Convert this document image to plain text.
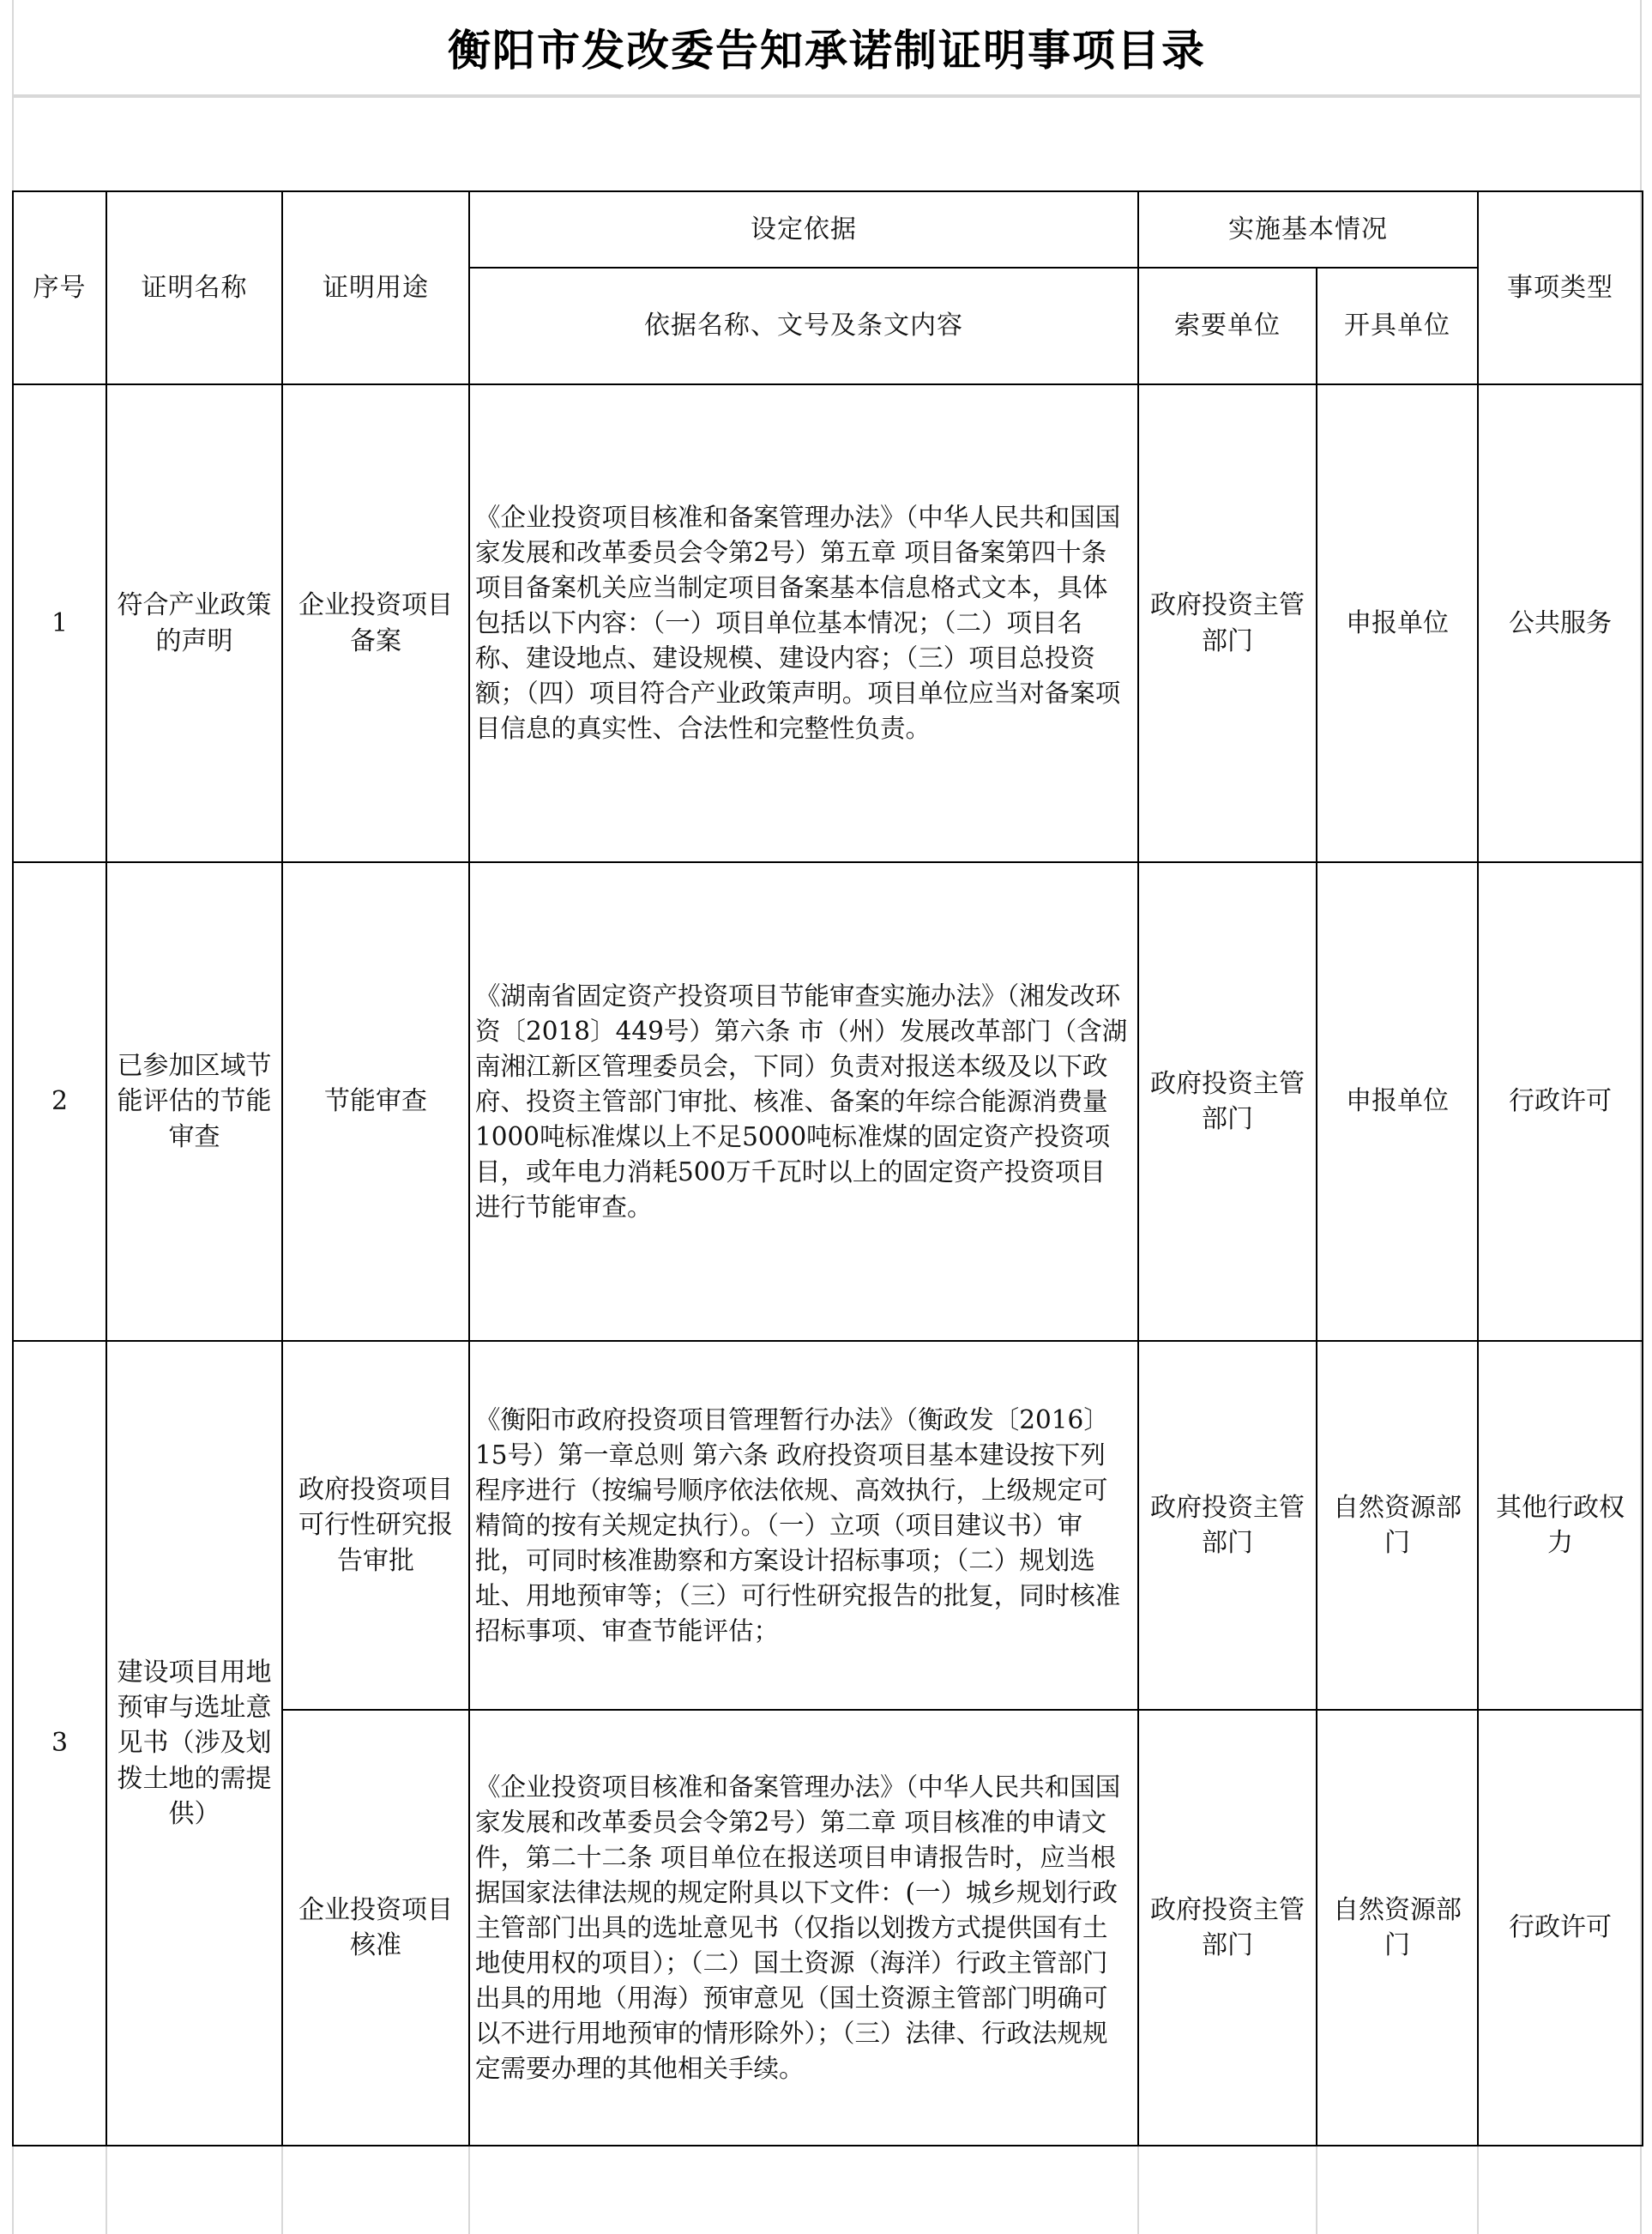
衡阳市发改委告知承诺制证明事项目录
序号	证明名称	证明用途	设定依据	实施基本情况		事项类型
			依据名称、文号及条文内容	索要单位	开具单位	
1	符合产业政策的声明	企业投资项目备案	《企业投资项目核准和备案管理办法》（中华人民共和国国家发展和改革委员会令第2号）第五章 项目备案第四十条 项目备案机关应当制定项目备案基本信息格式文本，具体包括以下内容：（一）项目单位基本情况；（二）项目名称、建设地点、建设规模、建设内容；（三）项目总投资额；（四）项目符合产业政策声明。项目单位应当对备案项目信息的真实性、合法性和完整性负责。	政府投资主管部门	申报单位	公共服务
2	已参加区域节能评估的节能审查	节能审查	《湖南省固定资产投资项目节能审查实施办法》（湘发改环资〔2018〕449号）第六条 市（州）发展改革部门（含湖南湘江新区管理委员会，下同）负责对报送本级及以下政府、投资主管部门审批、核准、备案的年综合能源消费量1000吨标准煤以上不足5000吨标准煤的固定资产投资项目，或年电力消耗500万千瓦时以上的固定资产投资项目进行节能审查。	政府投资主管部门	申报单位	行政许可
3	建设项目用地预审与选址意见书（涉及划拨土地的需提供）	政府投资项目可行性研究报告审批	《衡阳市政府投资项目管理暂行办法》（衡政发〔2016〕15号）第一章总则 第六条 政府投资项目基本建设按下列程序进行（按编号顺序依法依规、高效执行，上级规定可精简的按有关规定执行）。（一）立项（项目建议书）审批，可同时核准勘察和方案设计招标事项；（二）规划选址、用地预审等；（三）可行性研究报告的批复，同时核准招标事项、审查节能评估；	政府投资主管部门	自然资源部门	其他行政权力
		企业投资项目核准	《企业投资项目核准和备案管理办法》（中华人民共和国国家发展和改革委员会令第2号）第二章 项目核准的申请文件，第二十二条 项目单位在报送项目申请报告时，应当根据国家法律法规的规定附具以下文件：(一）城乡规划行政主管部门出具的选址意见书（仅指以划拨方式提供国有土地使用权的项目）；（二）国土资源（海洋）行政主管部门出具的用地（用海）预审意见（国土资源主管部门明确可以不进行用地预审的情形除外）；（三）法律、行政法规规定需要办理的其他相关手续。	政府投资主管部门	自然资源部门	行政许可
